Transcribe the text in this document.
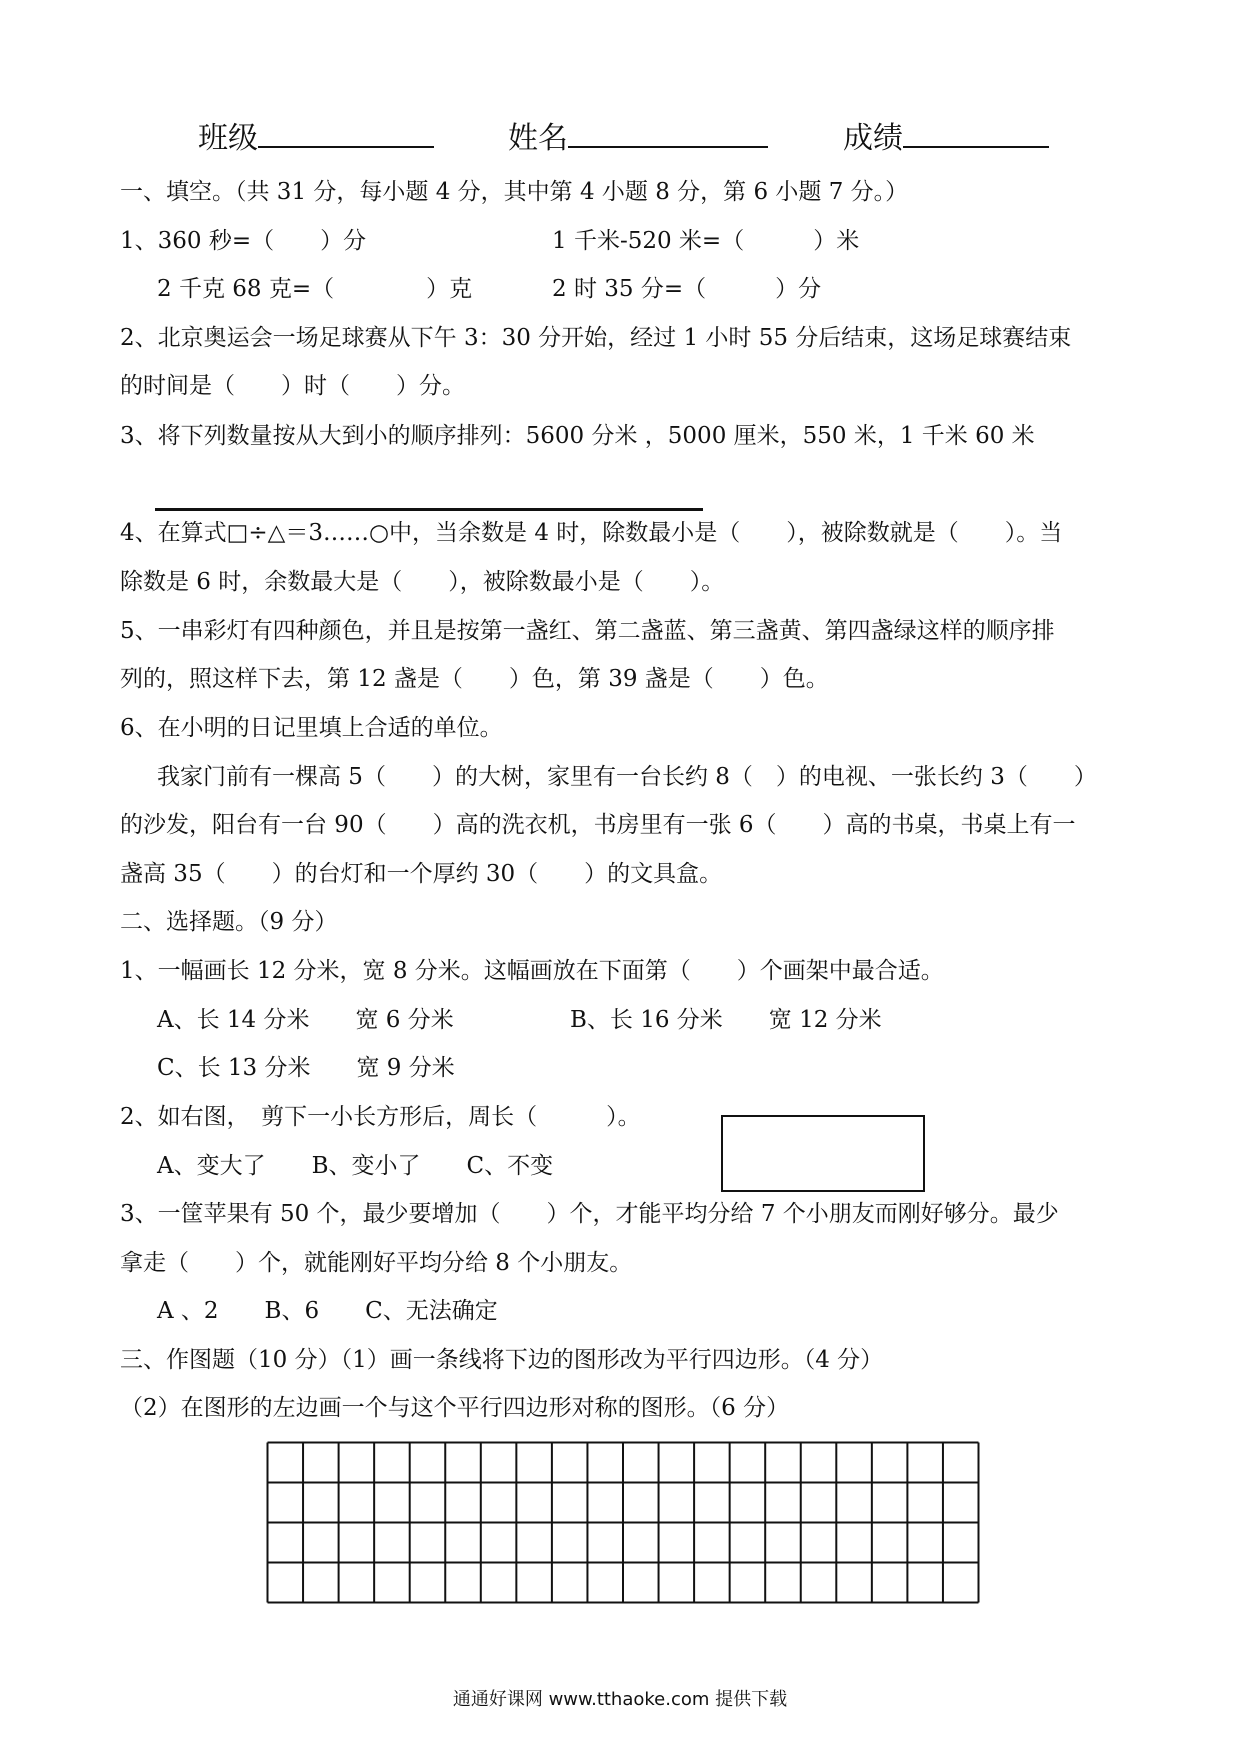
班级	姓名	成绩
一、填空。（共 31 分，每小题 4 分，其中第 4 小题 8 分，第 6 小题 7 分。）
1、360 秒=（　　）分	1 千米-520 米=（　　　）米
2 千克 68 克=（　　　　）克	2 时 35 分=（　　　）分
2、北京奥运会一场足球赛从下午 3：30 分开始，经过 1 小时 55 分后结束，这场足球赛结束
的时间是（　　）时（　　）分。
3、将下列数量按从大到小的顺序排列：5600 分米 ，5000 厘米，550 米，1 千米 60 米
4、在算式□÷△＝3……○中，当余数是 4 时，除数最小是（　　），被除数就是（　　）。当
除数是 6 时，余数最大是（　　），被除数最小是（　　）。
5、一串彩灯有四种颜色，并且是按第一盏红、第二盏蓝、第三盏黄、第四盏绿这样的顺序排
列的，照这样下去，第 12 盏是（　　）色，第 39 盏是（　　）色。
6、在小明的日记里填上合适的单位。
我家门前有一棵高 5（　　）的大树，家里有一台长约 8（　）的电视、一张长约 3（　　）
的沙发，阳台有一台 90（　　）高的洗衣机，书房里有一张 6（　　）高的书桌，书桌上有一
盏高 35（　　）的台灯和一个厚约 30（　　）的文具盒。
二、选择题。（9 分）
1、一幅画长 12 分米，宽 8 分米。这幅画放在下面第（　　）个画架中最合适。
A、长 14 分米　　宽 6 分米	B、长 16 分米　　宽 12 分米
C、长 13 分米　　宽 9 分米
2、如右图，　剪下一小长方形后，周长（　　　）。
A、变大了　　B、变小了　　C、不变
3、一筐苹果有 50 个，最少要增加（　　）个，才能平均分给 7 个小朋友而刚好够分。最少
拿走（　　）个，就能刚好平均分给 8 个小朋友。
A 、2　　B、6　　C、无法确定
三、作图题（10 分）（1）画一条线将下边的图形改为平行四边形。（4 分）
（2）在图形的左边画一个与这个平行四边形对称的图形。（6 分）
通通好课网 www.tthaoke.com 提供下载
